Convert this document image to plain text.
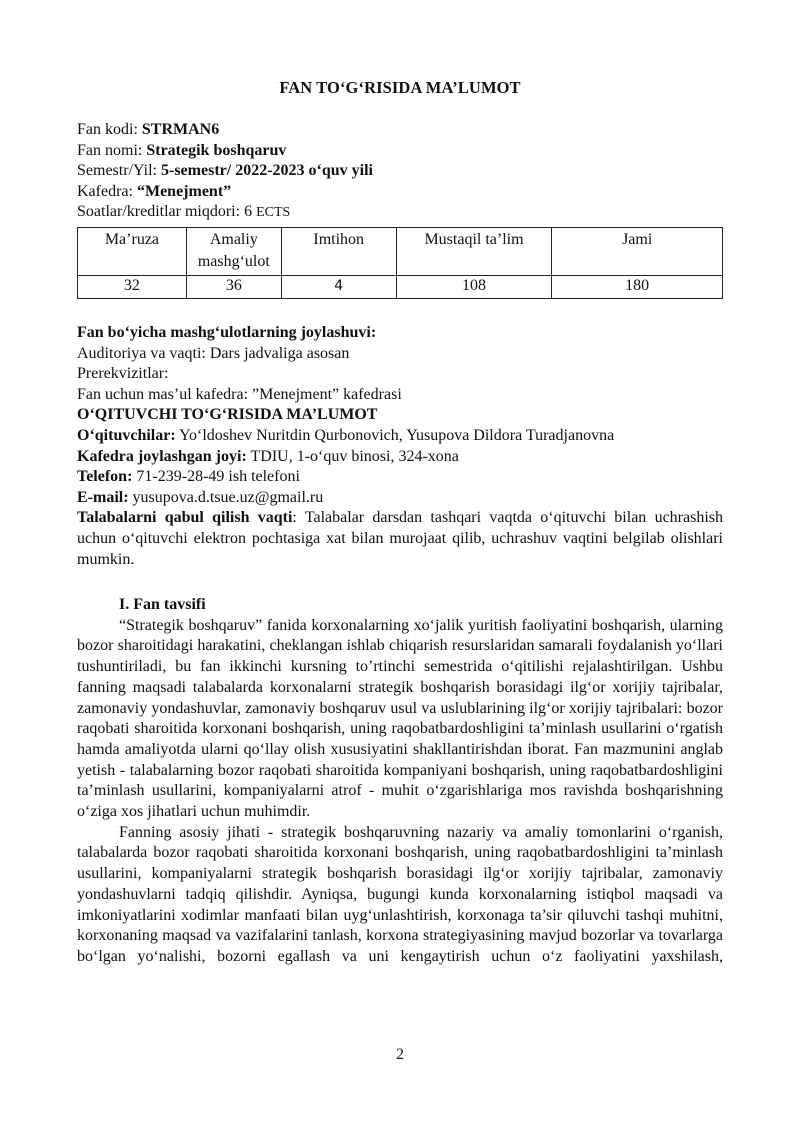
FAN TO‘G‘RISIDA MA’LUMOT
Fan kodi: STRMAN6
Fan nomi: Strategik boshqaruv
Semestr/Yil: 5-semestr/ 2022-2023 o‘quv yili
Kafedra: “Menejment”
Soatlar/kreditlar miqdori: 6 ECTS
Ma’ruza	Amaliy mashg‘ulot	Imtihon	Mustaqil ta’lim	Jami
32	36	4	108	180

Fan bo‘yicha mashg‘ulotlarning joylashuvi:

Auditoriya va vaqti: Dars jadvaliga asosan

Prerekvizitlar:

Fan uchun mas’ul kafedra: ”Menejment” kafedrasi

O‘QITUVCHI TO‘G‘RISIDA MA’LUMOT

O‘qituvchilar: Yo‘ldoshev Nuritdin Qurbonovich, Yusupova Dildora Turadjanovna

Kafedra joylashgan joyi: TDIU, 1-o‘quv binosi, 324-xona

Telefon: 71-239-28-49 ish telefoni

E-mail: yusupova.d.tsue.uz@gmail.ru

Talabalarni qabul qilish vaqti: Talabalar darsdan tashqari vaqtda o‘qituvchi bilan uchrashish uchun o‘qituvchi elektron pochtasiga xat bilan murojaat qilib, uchrashuv vaqtini belgilab olishlari mumkin.

I. Fan tavsifi

“Strategik boshqaruv” fanida korxonalarning xo‘jalik yuritish faoliyatini boshqarish, ularning bozor sharoitidagi harakatini, cheklangan ishlab chiqarish resurslaridan samarali foydalanish yo‘llari tushuntiriladi, bu fan ikkinchi kursning to’rtinchi semestrida o‘qitilishi rejalashtirilgan. Ushbu fanning maqsadi talabalarda korxonalarni strategik boshqarish borasidagi ilg‘or xorijiy tajribalar, zamonaviy yondashuvlar, zamonaviy boshqaruv usul va uslublarining ilg‘or xorijiy tajribalari: bozor raqobati sharoitida korxonani boshqarish, uning raqobatbardoshligini ta’minlash usullarini o‘rgatish hamda amaliyotda ularni qo‘llay olish xususiyatini shakllantirishdan iborat. Fan mazmunini anglab yetish - talabalarning bozor raqobati sharoitida kompaniyani boshqarish, uning raqobatbardoshligini ta’minlash usullarini, kompaniyalarni atrof - muhit o‘zgarishlariga mos ravishda boshqarishning o‘ziga xos jihatlari uchun muhimdir.

Fanning asosiy jihati - strategik boshqaruvning nazariy va amaliy tomonlarini o‘rganish, talabalarda bozor raqobati sharoitida korxonani boshqarish, uning raqobatbardoshligini ta’minlash usullarini, kompaniyalarni strategik boshqarish borasidagi ilg‘or xorijiy tajribalar, zamonaviy yondashuvlarni tadqiq qilishdir. Ayniqsa, bugungi kunda korxonalarning istiqbol maqsadi va imkoniyatlarini xodimlar manfaati bilan uyg‘unlashtirish, korxonaga ta’sir qiluvchi tashqi muhitni, korxonaning maqsad va vazifalarini tanlash, korxona strategiyasining mavjud bozorlar va tovarlarga bo‘lgan yo‘nalishi, bozorni egallash va uni kengaytirish uchun o‘z faoliyatini yaxshilash,

2
